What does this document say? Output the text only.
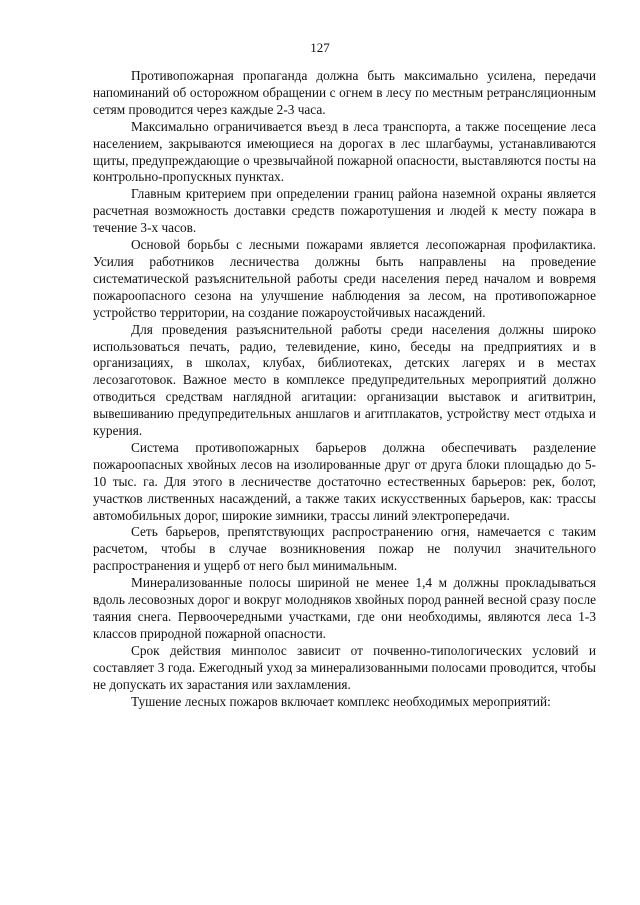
127

Противопожарная пропаганда должна быть максимально усилена, передачи напоминаний об осторожном обращении с огнем в лесу по местным ретрансляционным сетям проводится через каждые 2-3 часа.

Максимально ограничивается въезд в леса транспорта, а также посещение леса населением, закрываются имеющиеся на дорогах в лес шлагбаумы, устанавливаются щиты, предупреждающие о чрезвычайной пожарной опасности, выставляются посты на контрольно-пропускных пунктах.

Главным критерием при определении границ района наземной охраны является расчетная возможность доставки средств пожаротушения и людей к месту пожара в течение 3-х часов.

Основой борьбы с лесными пожарами является лесопожарная профилактика. Усилия работников лесничества должны быть направлены на проведение систематической разъяснительной работы среди населения перед началом и вовремя пожароопасного сезона на улучшение наблюдения за лесом, на противопожарное устройство территории, на создание пожароустойчивых насаждений.

Для проведения разъяснительной работы среди населения должны широко использоваться печать, радио, телевидение, кино, беседы на предприятиях и в организациях, в школах, клубах, библиотеках, детских лагерях и в местах лесозаготовок. Важное место в комплексе предупредительных мероприятий должно отводиться средствам наглядной агитации: организации выставок и агитвитрин, вывешиванию предупредительных аншлагов и агитплакатов, устройству мест отдыха и курения.

Система противопожарных барьеров должна обеспечивать разделение пожароопасных хвойных лесов на изолированные друг от друга блоки площадью до 5-10 тыс. га. Для этого в лесничестве достаточно естественных барьеров: рек, болот, участков лиственных насаждений, а также таких искусственных барьеров, как: трассы автомобильных дорог, широкие зимники, трассы линий электропередачи.

Сеть барьеров, препятствующих распространению огня, намечается с таким расчетом, чтобы в случае возникновения пожар не получил значительного распространения и ущерб от него был минимальным.

Минерализованные полосы шириной не менее 1,4 м должны прокладываться вдоль лесовозных дорог и вокруг молодняков хвойных пород ранней весной сразу после таяния снега. Первоочередными участками, где они необходимы, являются леса 1-3 классов природной пожарной опасности.

Срок действия минполос зависит от почвенно-типологических условий и составляет 3 года. Ежегодный уход за минерализованными полосами проводится, чтобы не допускать их зарастания или захламления.

Тушение лесных пожаров включает комплекс необходимых мероприятий:
